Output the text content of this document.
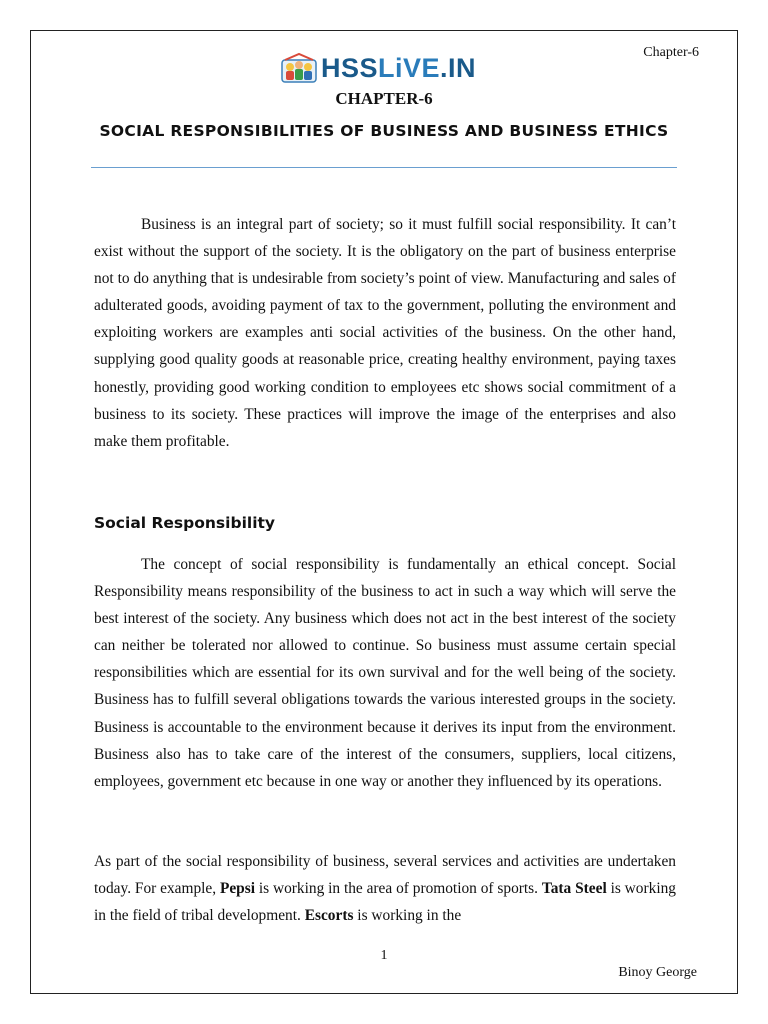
Chapter-6
HSSLiVE.IN
CHAPTER-6
SOCIAL RESPONSIBILITIES OF BUSINESS AND BUSINESS ETHICS

Business is an integral part of society; so it must fulfill social responsibility. It can’t exist without the support of the society. It is the obligatory on the part of business enterprise not to do anything that is undesirable from society’s point of view. Manufacturing and sales of adulterated goods, avoiding payment of tax to the government, polluting the environment and exploiting workers are examples anti social activities of the business. On the other hand, supplying good quality goods at reasonable price, creating healthy environment, paying taxes honestly, providing good working condition to employees etc shows social commitment of a business to its society. These practices will improve the image of the enterprises and also make them profitable.

Social Responsibility

The concept of social responsibility is fundamentally an ethical concept. Social Responsibility means responsibility of the business to act in such a way which will serve the best interest of the society. Any business which does not act in the best interest of the society can neither be tolerated nor allowed to continue. So business must assume certain special responsibilities which are essential for its own survival and for the well being of the society. Business has to fulfill several obligations towards the various interested groups in the society. Business is accountable to the environment because it derives its input from the environment. Business also has to take care of the interest of the consumers, suppliers, local citizens, employees, government etc because in one way or another they influenced by its operations.

As part of the social responsibility of business, several services and activities are undertaken today. For example, Pepsi is working in the area of promotion of sports. Tata Steel is working in the field of tribal development. Escorts is working in the

1
Binoy George
